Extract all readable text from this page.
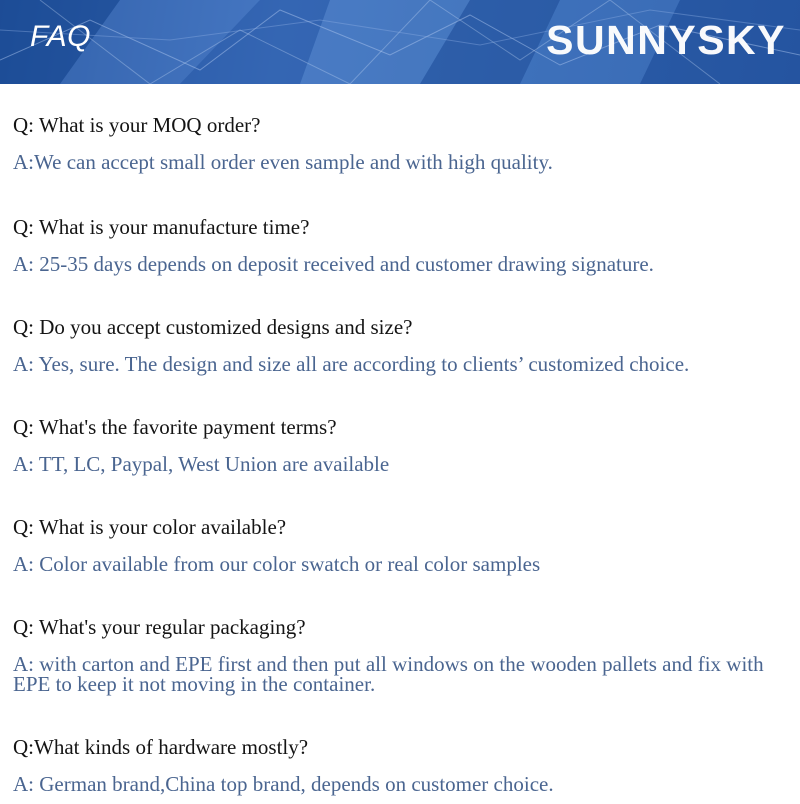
FAQ	SUNNYSKY
Q: What is your MOQ order?
A:We can accept small order even sample and with high quality.
Q: What is your manufacture time?
A: 25-35 days depends on deposit received and customer drawing signature.
Q: Do you accept customized designs and size?
A: Yes, sure. The design and size all are according to clients’ customized choice.
Q: What's the favorite payment terms?
A: TT, LC, Paypal, West Union are available
Q: What is your color available?
A: Color available from our color swatch or real color samples
Q: What's your regular packaging?
A: with carton and EPE first and then put all windows on the wooden pallets and fix with EPE to keep it not moving in the container.
Q:What kinds of hardware mostly?
A: German brand,China top brand, depends on customer choice.
